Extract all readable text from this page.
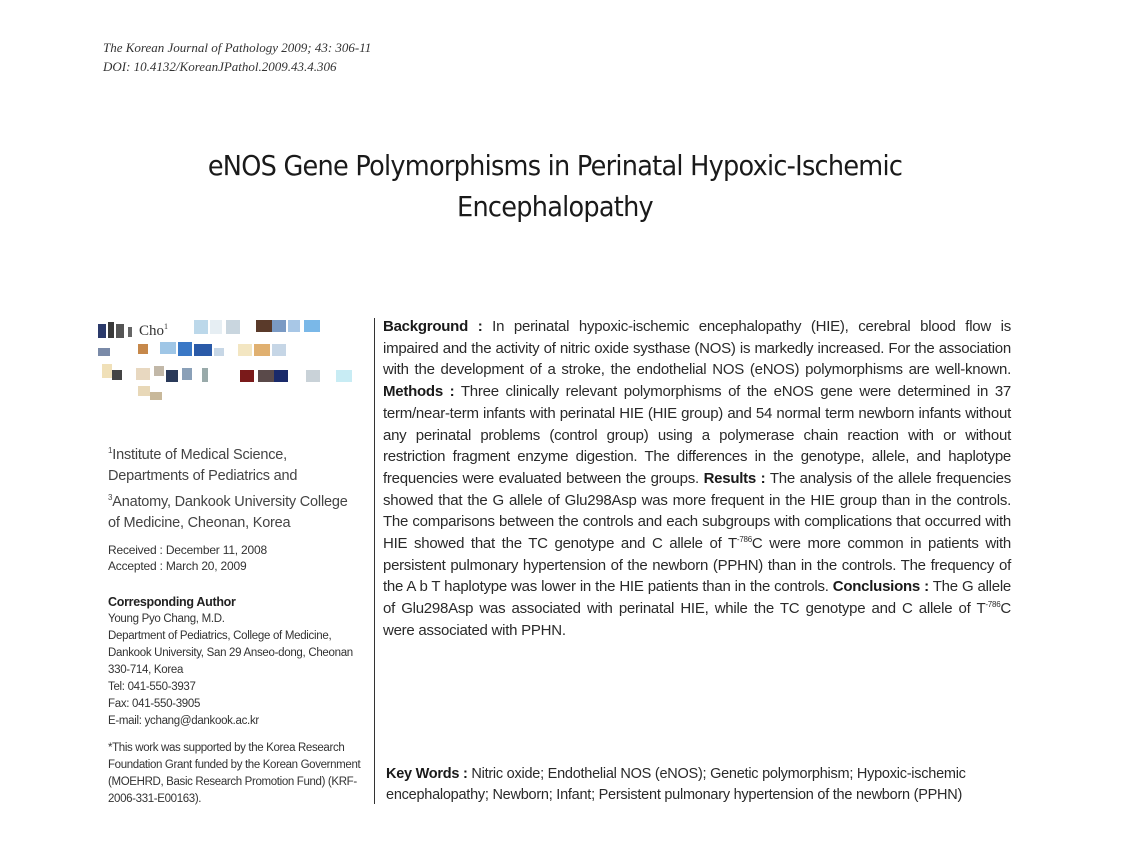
The Korean Journal of Pathology 2009; 43: 306-11
DOI: 10.4132/KoreanJPathol.2009.43.4.306
eNOS Gene Polymorphisms in Perinatal Hypoxic-Ischemic
Encephalopathy
Cho$^1$
$^1$Institute of Medical Science,
Departments of Pediatrics and
$^3$Anatomy, Dankook University College
of Medicine, Cheonan, Korea
Received : December 11, 2008
Accepted : March 20, 2009
Corresponding Author
Young Pyo Chang, M.D.
Department of Pediatrics, College of Medicine,
Dankook University, San 29 Anseo-dong, Cheonan
330-714, Korea
Tel: 041-550-3937
Fax: 041-550-3905
E-mail: ychang@dankook.ac.kr
*This work was supported by the Korea Research
Foundation Grant funded by the Korean Government
(MOEHRD, Basic Research Promotion Fund) (KRF-
2006-331-E00163).
Background : In perinatal hypoxic-ischemic encephalopathy (HIE), cerebral blood flow is impaired and the activity of nitric oxide systhase (NOS) is markedly increased. For the association with the development of a stroke, the endothelial NOS (eNOS) polymorphisms are well-known. Methods : Three clinically relevant polymorphisms of the eNOS gene were determined in 37 term/near-term infants with perinatal HIE (HIE group) and 54 normal term newborn infants without any perinatal problems (control group) using a polymerase chain reaction with or without restriction fragment enzyme digestion. The differences in the genotype, allele, and haplotype frequencies were evaluated between the groups. Results : The analysis of the allele frequencies showed that the G allele of Glu298Asp was more frequent in the HIE group than in the controls. The comparisons between the controls and each subgroups with complications that occurred with HIE showed that the TC genotype and C allele of $T^{-786}C$ were more common in patients with persistent pulmonary hypertension of the newborn (PPHN) than in the controls. The frequency of the A b T haplotype was lower in the HIE patients than in the controls. Conclusions : The G allele of Glu298Asp was associated with perinatal HIE, while the TC genotype and C allele of $T^{-786}C$ were associated with PPHN.
Key Words : Nitric oxide; Endothelial NOS (eNOS); Genetic polymorphism; Hypoxic-ischemic encephalopathy; Newborn; Infant; Persistent pulmonary hypertension of the newborn (PPHN)
